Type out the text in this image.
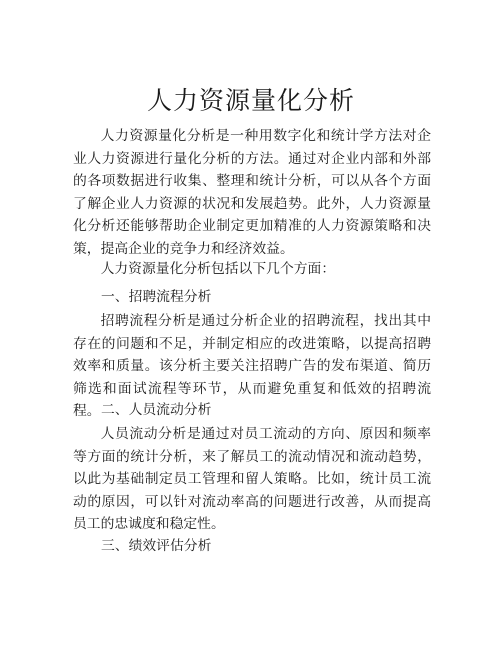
人力资源量化分析

人力资源量化分析是一种用数字化和统计学方法对企业人力资源进行量化分析的方法。通过对企业内部和外部的各项数据进行收集、整理和统计分析，可以从各个方面了解企业人力资源的状况和发展趋势。此外，人力资源量化分析还能够帮助企业制定更加精准的人力资源策略和决策，提高企业的竞争力和经济效益。

人力资源量化分析包括以下几个方面：

一、招聘流程分析

招聘流程分析是通过分析企业的招聘流程，找出其中存在的问题和不足，并制定相应的改进策略，以提高招聘效率和质量。该分析主要关注招聘广告的发布渠道、简历筛选和面试流程等环节，从而避免重复和低效的招聘流程。 二、人员流动分析

人员流动分析是通过对员工流动的方向、原因和频率等方面的统计分析，来了解员工的流动情况和流动趋势，以此为基础制定员工管理和留人策略。比如，统计员工流动的原因，可以针对流动率高的问题进行改善，从而提高员工的忠诚度和稳定性。

三、绩效评估分析
